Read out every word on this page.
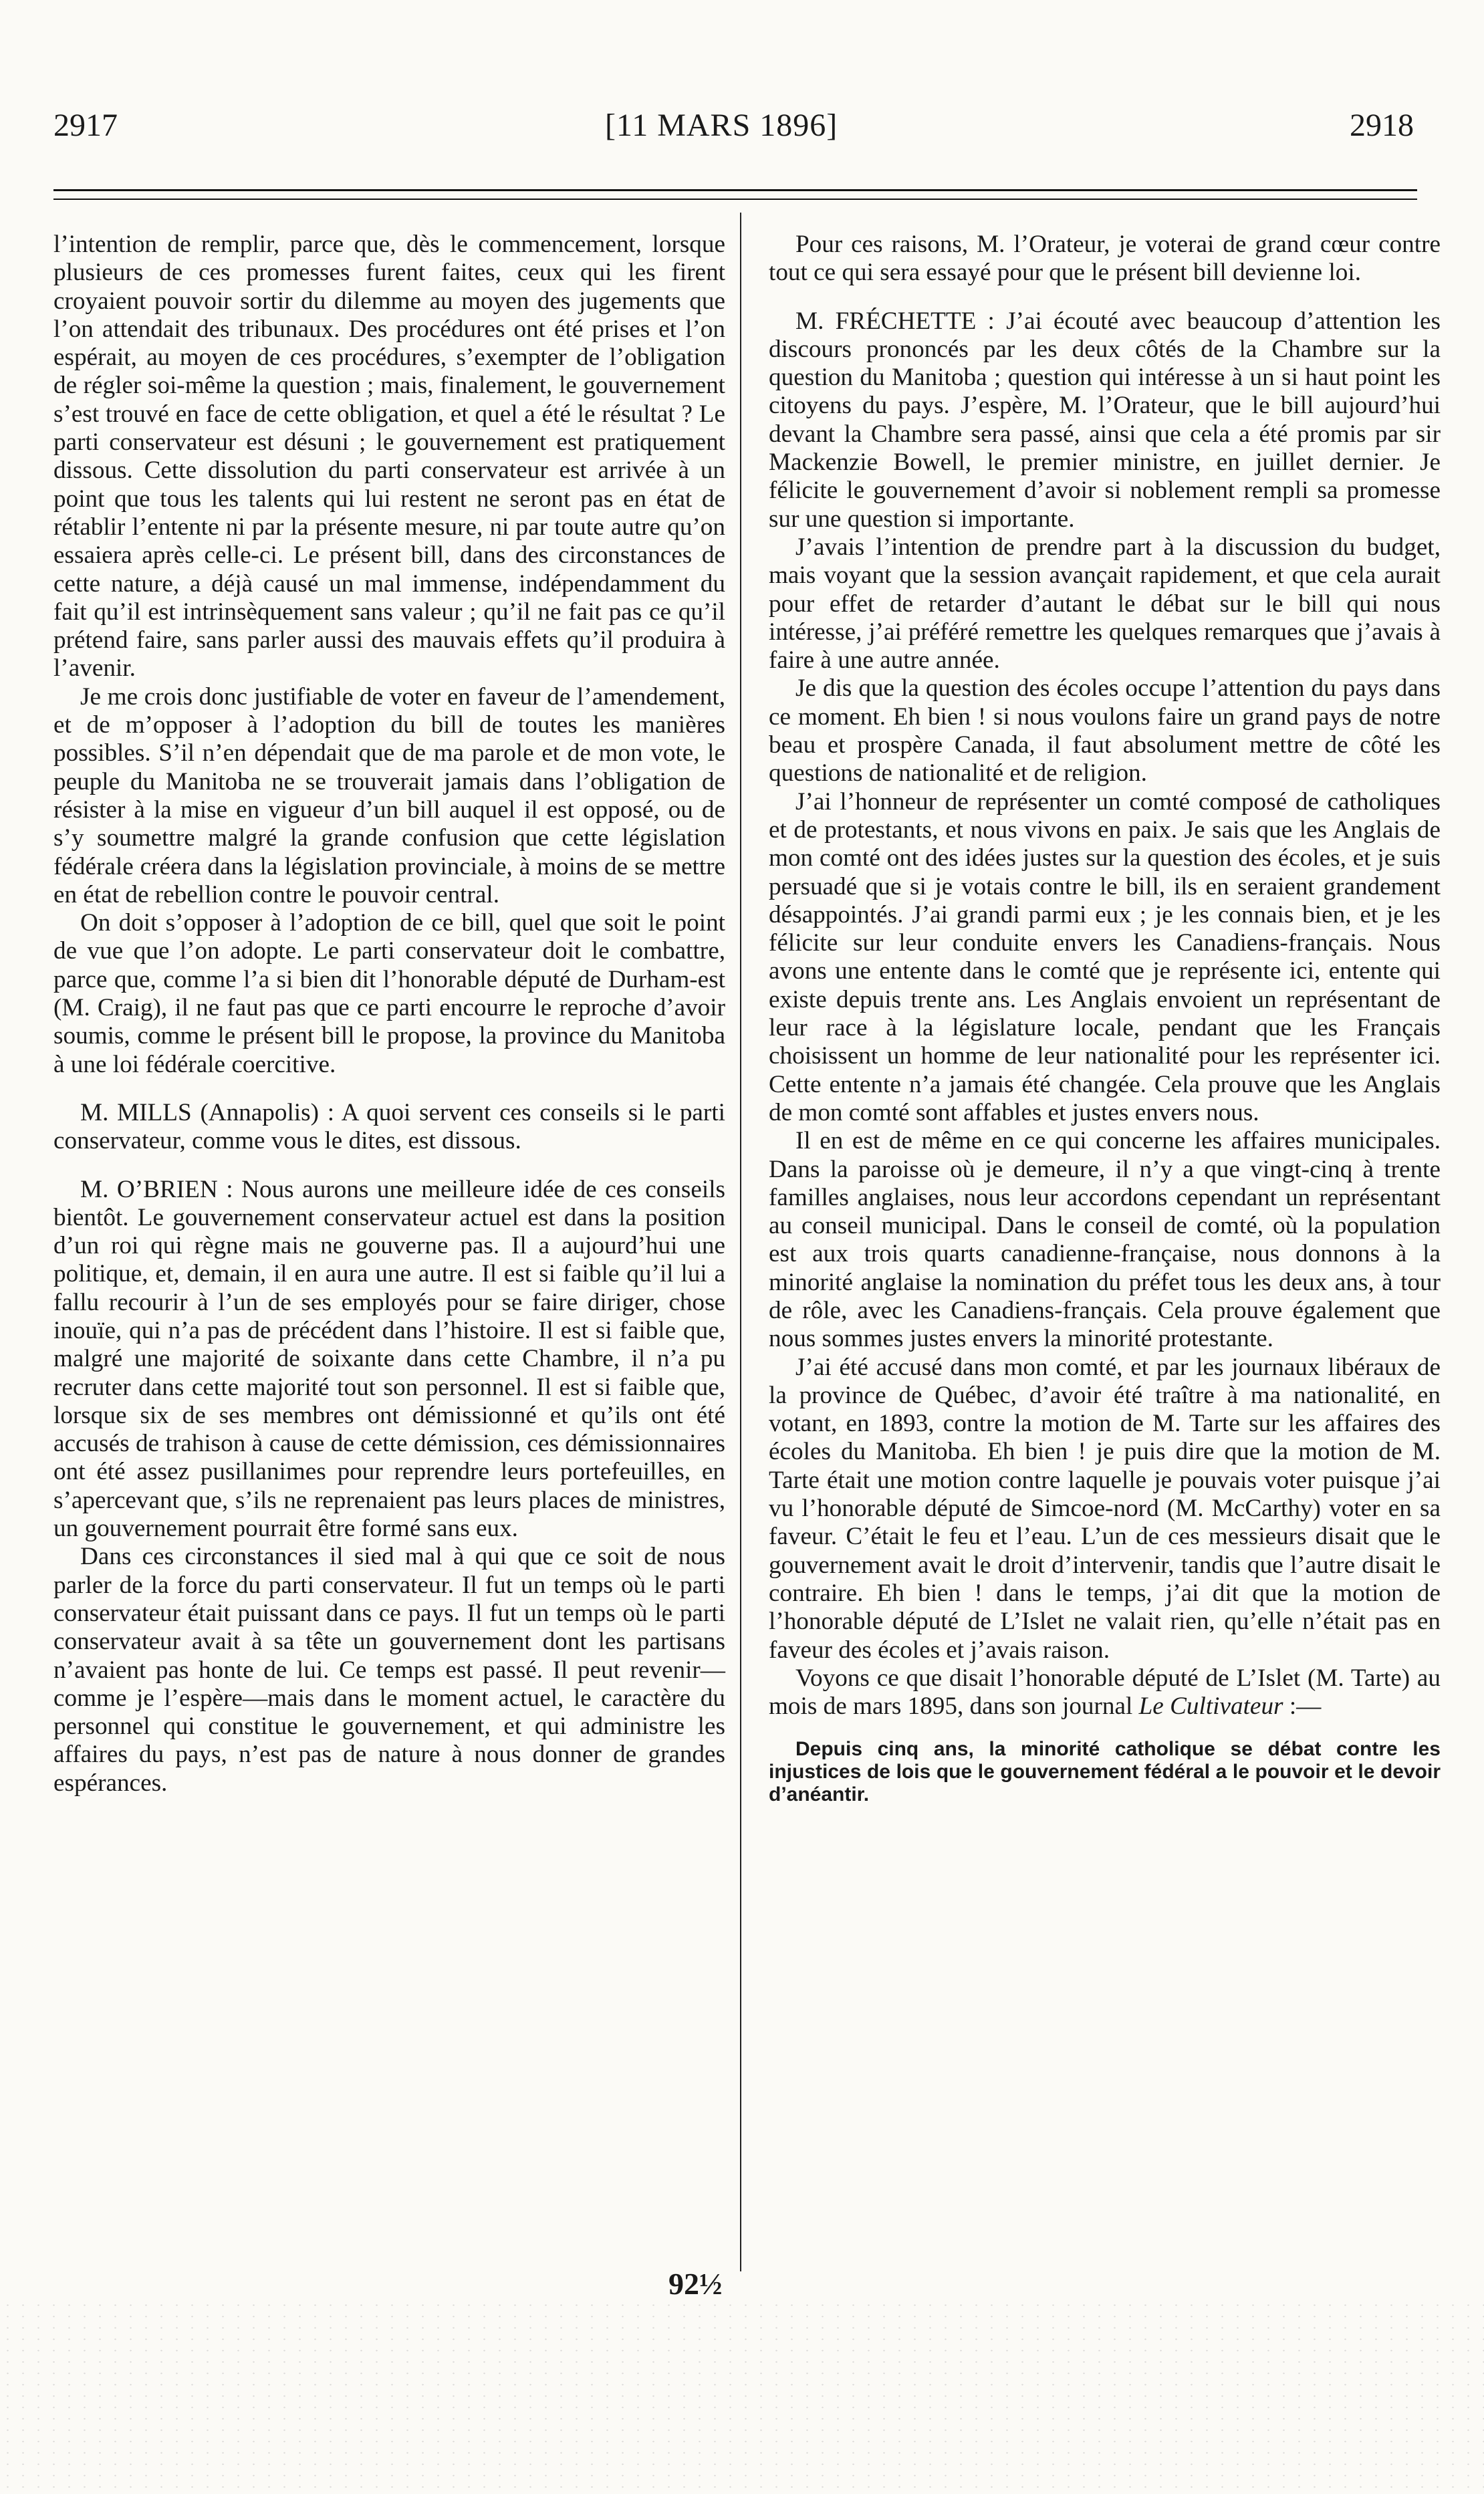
2917	[11 MARS 1896]	2918

l’intention de remplir, parce que, dès le commencement, lorsque plusieurs de ces promesses furent faites, ceux qui les firent croyaient pouvoir sortir du dilemme au moyen des jugements que l’on attendait des tribunaux. Des procédures ont été prises et l’on espérait, au moyen de ces procédures, s’exempter de l’obligation de régler soi-même la question ; mais, finalement, le gouvernement s’est trouvé en face de cette obligation, et quel a été le résultat ? Le parti conservateur est désuni ; le gouvernement est pratiquement dissous. Cette dissolution du parti conservateur est arrivée à un point que tous les talents qui lui restent ne seront pas en état de rétablir l’entente ni par la présente mesure, ni par toute autre qu’on essaiera après celle-ci. Le présent bill, dans des circonstances de cette nature, a déjà causé un mal immense, indépendamment du fait qu’il est intrinsèquement sans valeur ; qu’il ne fait pas ce qu’il prétend faire, sans parler aussi des mauvais effets qu’il produira à l’avenir.

Je me crois donc justifiable de voter en faveur de l’amendement, et de m’opposer à l’adoption du bill de toutes les manières possibles. S’il n’en dépendait que de ma parole et de mon vote, le peuple du Manitoba ne se trouverait jamais dans l’obligation de résister à la mise en vigueur d’un bill auquel il est opposé, ou de s’y soumettre malgré la grande confusion que cette législation fédérale créera dans la législation provinciale, à moins de se mettre en état de rebellion contre le pouvoir central.

On doit s’opposer à l’adoption de ce bill, quel que soit le point de vue que l’on adopte. Le parti conservateur doit le combattre, parce que, comme l’a si bien dit l’honorable député de Durham-est (M. Craig), il ne faut pas que ce parti encourre le reproche d’avoir soumis, comme le présent bill le propose, la province du Manitoba à une loi fédérale coercitive.

M. MILLS (Annapolis) : A quoi servent ces conseils si le parti conservateur, comme vous le dites, est dissous.

M. O’BRIEN : Nous aurons une meilleure idée de ces conseils bientôt. Le gouvernement conservateur actuel est dans la position d’un roi qui règne mais ne gouverne pas. Il a aujourd’hui une politique, et, demain, il en aura une autre. Il est si faible qu’il lui a fallu recourir à l’un de ses employés pour se faire diriger, chose inouïe, qui n’a pas de précédent dans l’histoire. Il est si faible que, malgré une majorité de soixante dans cette Chambre, il n’a pu recruter dans cette majorité tout son personnel. Il est si faible que, lorsque six de ses membres ont démissionné et qu’ils ont été accusés de trahison à cause de cette démission, ces démissionnaires ont été assez pusillanimes pour reprendre leurs portefeuilles, en s’apercevant que, s’ils ne reprenaient pas leurs places de ministres, un gouvernement pourrait être formé sans eux.

Dans ces circonstances il sied mal à qui que ce soit de nous parler de la force du parti conservateur. Il fut un temps où le parti conservateur était puissant dans ce pays. Il fut un temps où le parti conservateur avait à sa tête un gouvernement dont les partisans n’avaient pas honte de lui. Ce temps est passé. Il peut revenir—comme je l’espère—mais dans le moment actuel, le caractère du personnel qui constitue le gouvernement, et qui administre les affaires du pays, n’est pas de nature à nous donner de grandes espérances.

Pour ces raisons, M. l’Orateur, je voterai de grand cœur contre tout ce qui sera essayé pour que le présent bill devienne loi.

M. FRÉCHETTE : J’ai écouté avec beaucoup d’attention les discours prononcés par les deux côtés de la Chambre sur la question du Manitoba ; question qui intéresse à un si haut point les citoyens du pays. J’espère, M. l’Orateur, que le bill aujourd’hui devant la Chambre sera passé, ainsi que cela a été promis par sir Mackenzie Bowell, le premier ministre, en juillet dernier. Je félicite le gouvernement d’avoir si noblement rempli sa promesse sur une question si importante.

J’avais l’intention de prendre part à la discussion du budget, mais voyant que la session avançait rapidement, et que cela aurait pour effet de retarder d’autant le débat sur le bill qui nous intéresse, j’ai préféré remettre les quelques remarques que j’avais à faire à une autre année.

Je dis que la question des écoles occupe l’attention du pays dans ce moment. Eh bien ! si nous voulons faire un grand pays de notre beau et prospère Canada, il faut absolument mettre de côté les questions de nationalité et de religion.

J’ai l’honneur de représenter un comté composé de catholiques et de protestants, et nous vivons en paix. Je sais que les Anglais de mon comté ont des idées justes sur la question des écoles, et je suis persuadé que si je votais contre le bill, ils en seraient grandement désappointés. J’ai grandi parmi eux ; je les connais bien, et je les félicite sur leur conduite envers les Canadiens-français. Nous avons une entente dans le comté que je représente ici, entente qui existe depuis trente ans. Les Anglais envoient un représentant de leur race à la législature locale, pendant que les Français choisissent un homme de leur nationalité pour les représenter ici. Cette entente n’a jamais été changée. Cela prouve que les Anglais de mon comté sont affables et justes envers nous.

Il en est de même en ce qui concerne les affaires municipales. Dans la paroisse où je demeure, il n’y a que vingt-cinq à trente familles anglaises, nous leur accordons cependant un représentant au conseil municipal. Dans le conseil de comté, où la population est aux trois quarts canadienne-française, nous donnons à la minorité anglaise la nomination du préfet tous les deux ans, à tour de rôle, avec les Canadiens-français. Cela prouve également que nous sommes justes envers la minorité protestante.

J’ai été accusé dans mon comté, et par les journaux libéraux de la province de Québec, d’avoir été traître à ma nationalité, en votant, en 1893, contre la motion de M. Tarte sur les affaires des écoles du Manitoba. Eh bien ! je puis dire que la motion de M. Tarte était une motion contre laquelle je pouvais voter puisque j’ai vu l’honorable député de Simcoe-nord (M. McCarthy) voter en sa faveur. C’était le feu et l’eau. L’un de ces messieurs disait que le gouvernement avait le droit d’intervenir, tandis que l’autre disait le contraire. Eh bien ! dans le temps, j’ai dit que la motion de l’honorable député de L’Islet ne valait rien, qu’elle n’était pas en faveur des écoles et j’avais raison.

Voyons ce que disait l’honorable député de L’Islet (M. Tarte) au mois de mars 1895, dans son journal Le Cultivateur :—

Depuis cinq ans, la minorité catholique se débat contre les injustices de lois que le gouvernement fédéral a le pouvoir et le devoir d’anéantir.

92½
